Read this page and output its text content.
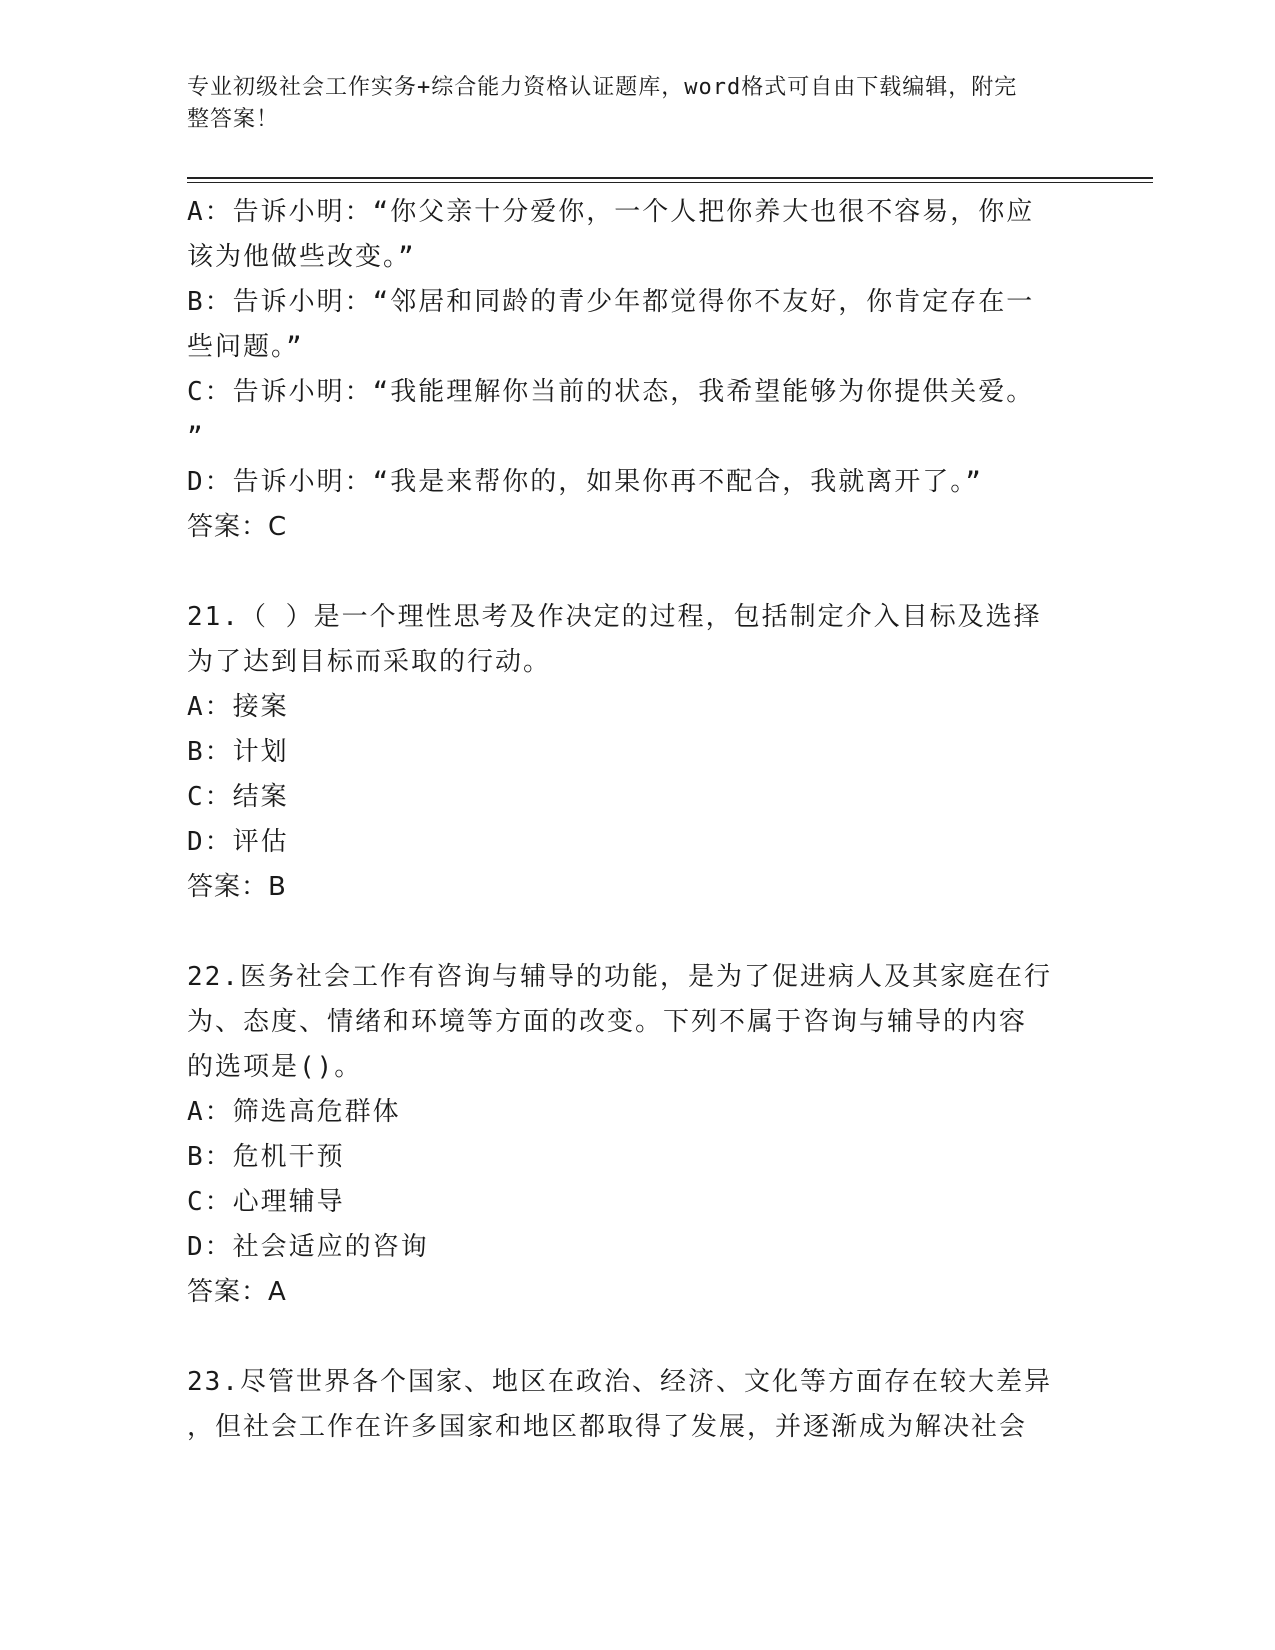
专业初级社会工作实务+综合能力资格认证题库，word格式可自由下载编辑，附完
整答案！
A：告诉小明：“你父亲十分爱你，一个人把你养大也很不容易，你应
该为他做些改变。”
B：告诉小明：“邻居和同龄的青少年都觉得你不友好，你肯定存在一
些问题。”
C：告诉小明：“我能理解你当前的状态，我希望能够为你提供关爱。
”
D：告诉小明：“我是来帮你的，如果你再不配合，我就离开了。”
答案：C
21.（ ）是一个理性思考及作决定的过程，包括制定介入目标及选择
为了达到目标而采取的行动。
A：接案
B：计划
C：结案
D：评估
答案：B
22.医务社会工作有咨询与辅导的功能，是为了促进病人及其家庭在行
为、态度、情绪和环境等方面的改变。下列不属于咨询与辅导的内容
的选项是()。
A：筛选高危群体
B：危机干预
C：心理辅导
D：社会适应的咨询
答案：A
23.尽管世界各个国家、地区在政治、经济、文化等方面存在较大差异
，但社会工作在许多国家和地区都取得了发展，并逐渐成为解决社会
